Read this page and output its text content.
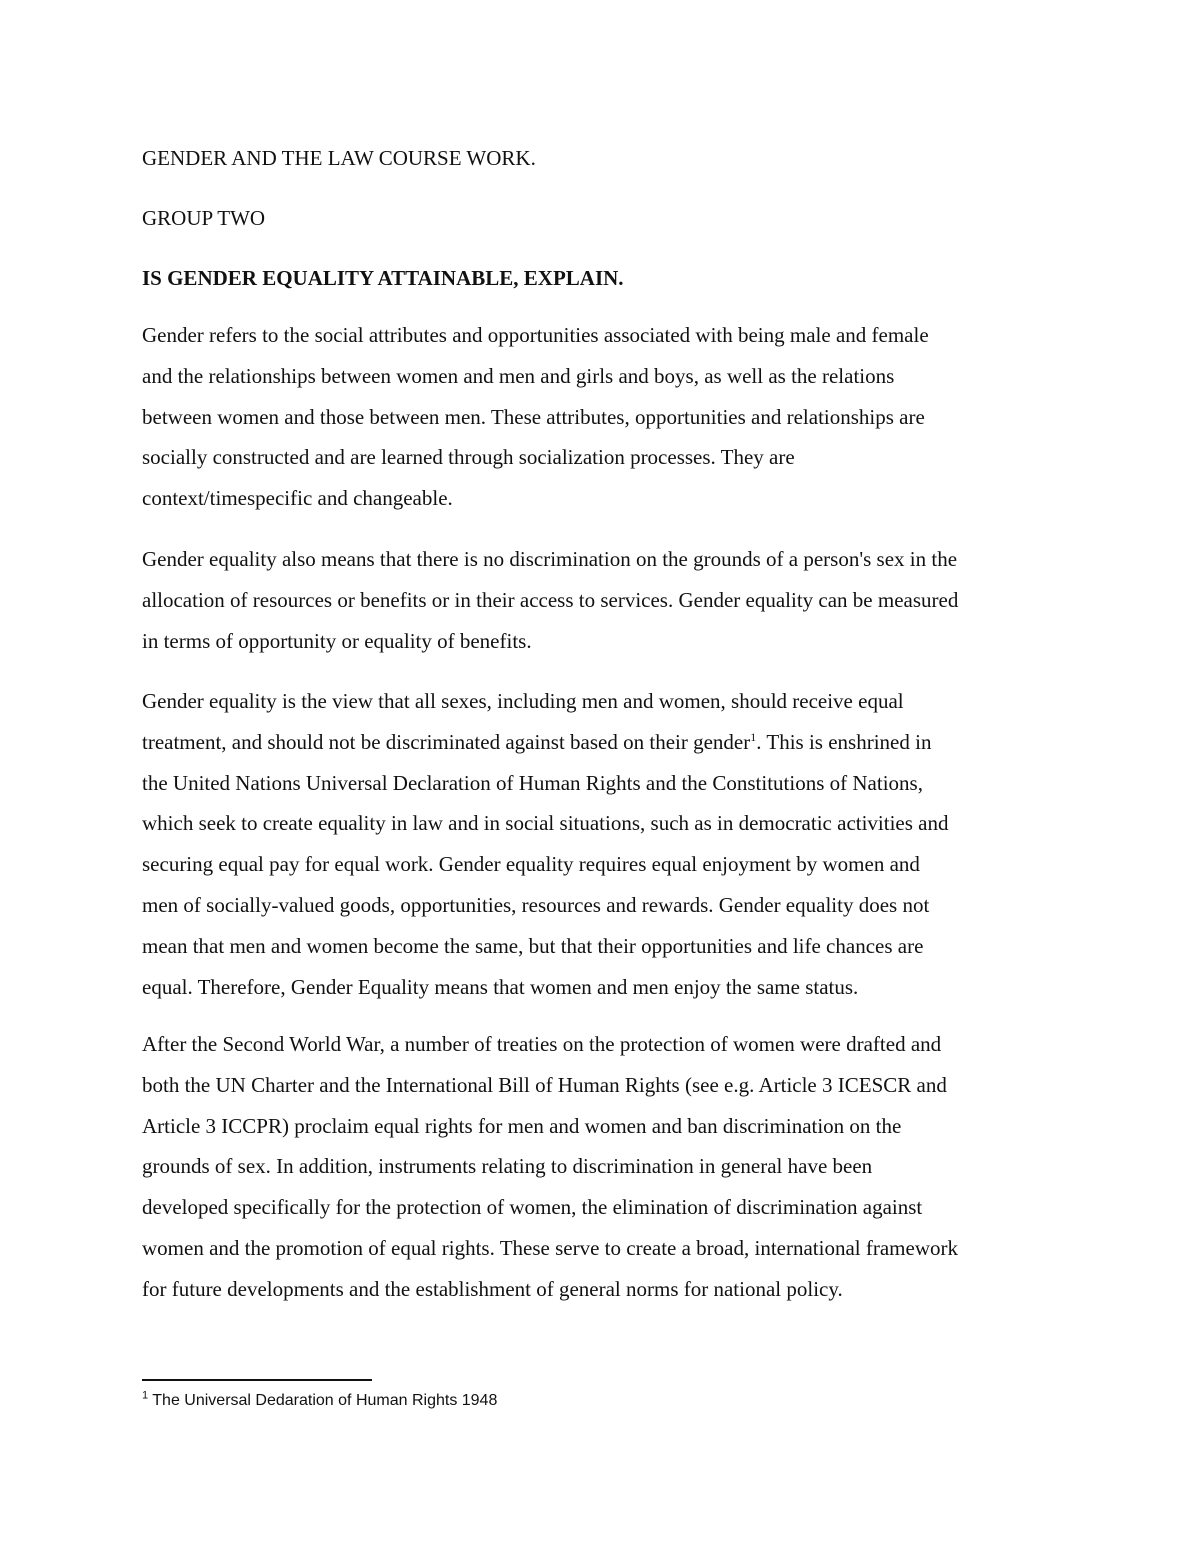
GENDER AND THE LAW COURSE WORK.
GROUP TWO
IS GENDER EQUALITY ATTAINABLE, EXPLAIN.
Gender refers to the social attributes and opportunities associated with being male and female
and the relationships between women and men and girls and boys, as well as the relations
between women and those between men. These attributes, opportunities and relationships are
socially constructed and are learned through socialization processes. They are
context/timespecific and changeable.
Gender equality also means that there is no discrimination on the grounds of a person's sex in the
allocation of resources or benefits or in their access to services. Gender equality can be measured
in terms of opportunity or equality of benefits.
Gender equality is the view that all sexes, including men and women, should receive equal
treatment, and should not be discriminated against based on their gender$^1$. This is enshrined in
the United Nations Universal Declaration of Human Rights and the Constitutions of Nations,
which seek to create equality in law and in social situations, such as in democratic activities and
securing equal pay for equal work. Gender equality requires equal enjoyment by women and
men of socially-valued goods, opportunities, resources and rewards. Gender equality does not
mean that men and women become the same, but that their opportunities and life chances are
equal. Therefore, Gender Equality means that women and men enjoy the same status.
After the Second World War, a number of treaties on the protection of women were drafted and
both the UN Charter and the International Bill of Human Rights (see e.g. Article 3 ICESCR and
Article 3 ICCPR) proclaim equal rights for men and women and ban discrimination on the
grounds of sex. In addition, instruments relating to discrimination in general have been
developed specifically for the protection of women, the elimination of discrimination against
women and the promotion of equal rights. These serve to create a broad, international framework
for future developments and the establishment of general norms for national policy.
$^1$ The Universal Dedaration of Human Rights 1948
